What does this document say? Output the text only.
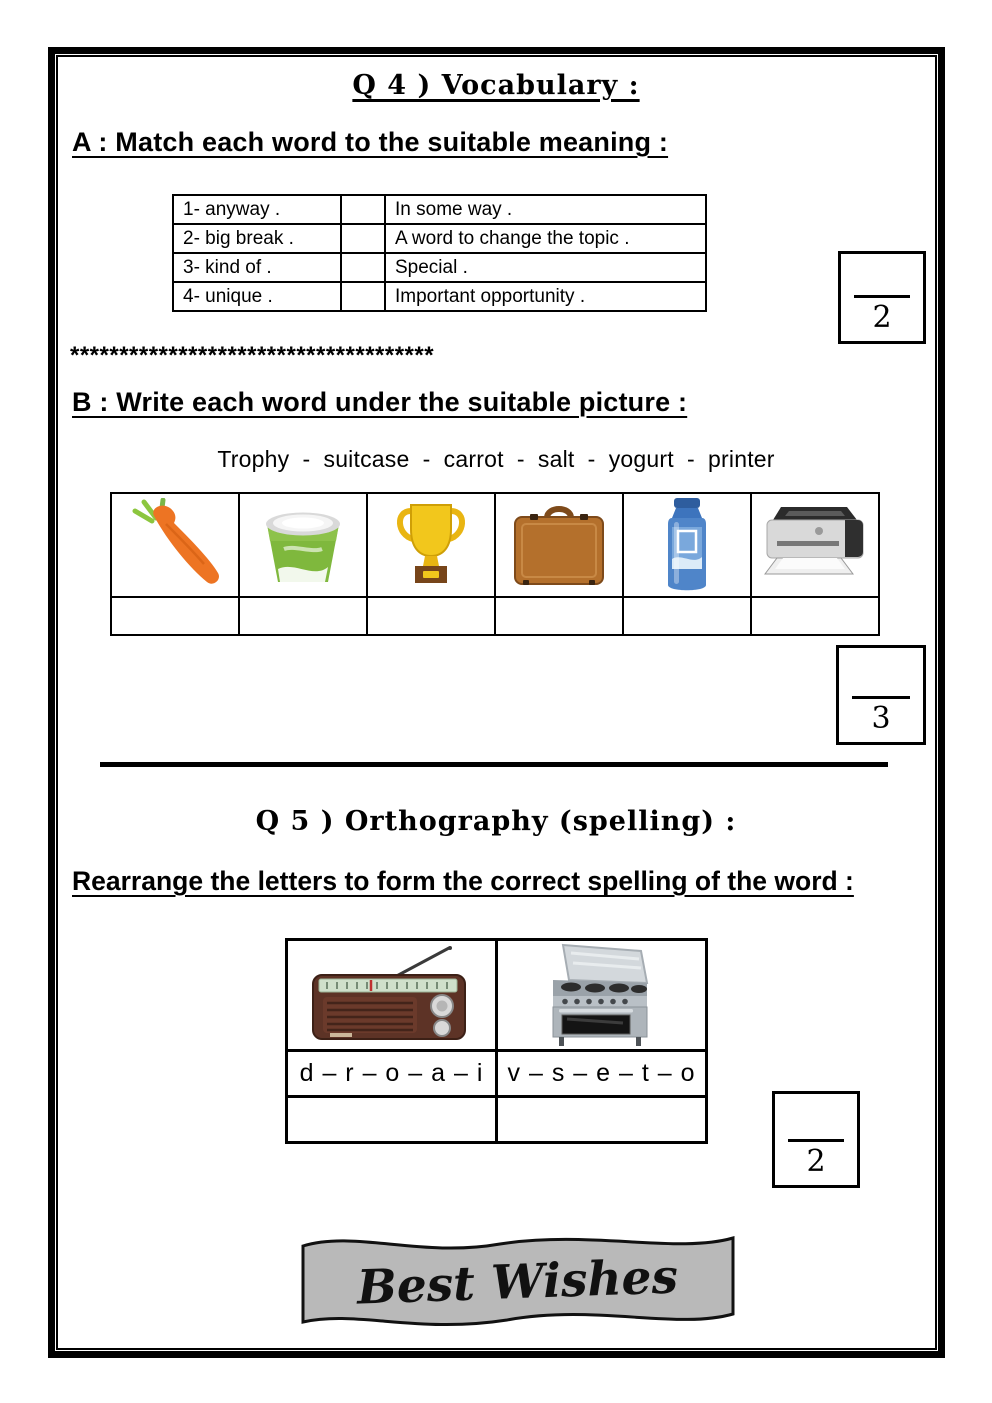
Q 4 ) Vocabulary :
A : Match each word to the suitable meaning :
1- anyway .		In some way .
2- big break .		A word to change the topic .
3- kind of .		Special .
4- unique .		Important opportunity .
2
*************************************
B : Write each word under the suitable picture :
Trophy  -  suitcase  -  carrot  -  salt  -  yogurt  -  printer

3
Q 5 ) Orthography (spelling) :
Rearrange the letters to form the correct spelling of the word :

d – r – o – a – i	v – s – e – t – o

2
Best Wishes
